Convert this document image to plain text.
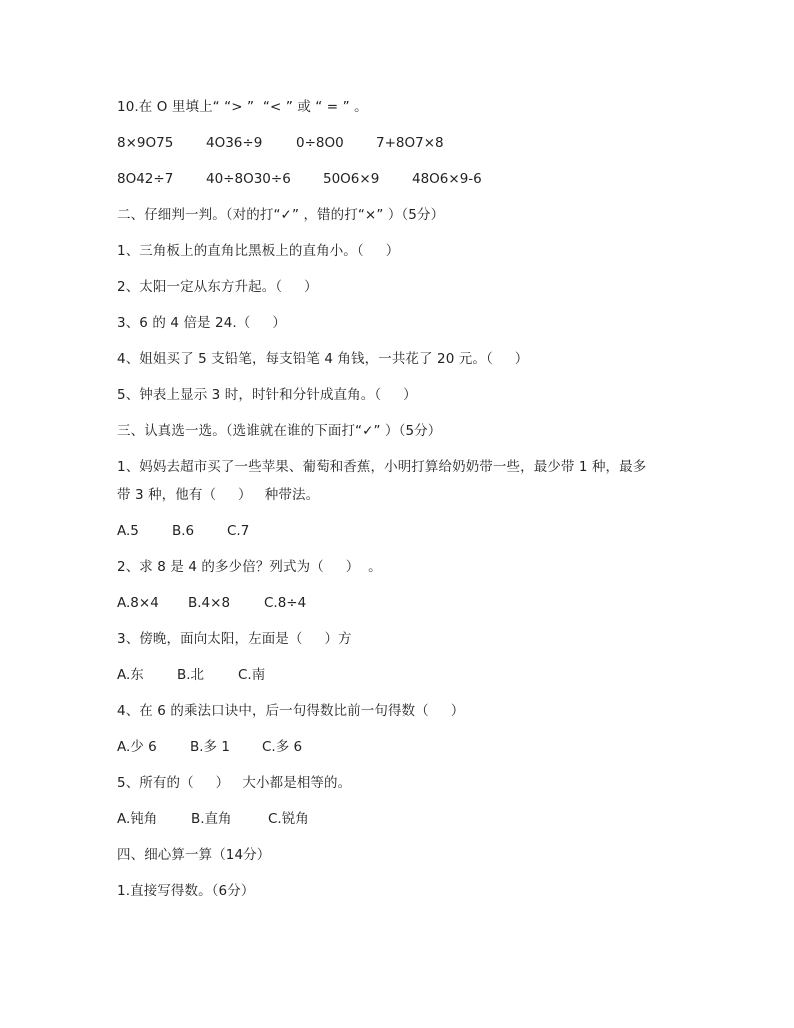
10.在 O 里填上“ “> ”  “< ” 或 “ = ” 。

8×9O75

4O36÷9

0÷8O0

7+8O7×8

8O42÷7

40÷8O30÷6

50O6×9

48O6×9-6

二、仔细判一判。（对的打“✓” ，错的打“×” ）（5分）
1、三角板上的直角比黑板上的直角小。（     ）
2、太阳一定从东方升起。（     ）
3、6 的 4 倍是 24.（     ）
4、姐姐买了 5 支铅笔，每支铅笔 4 角钱，一共花了 20 元。（     ）
5、钟表上显示 3 时，时针和分针成直角。（     ）
三、认真选一选。（选谁就在谁的下面打“✓” ）（5分）
1、妈妈去超市买了一些苹果、葡萄和香蕉，小明打算给奶奶带一些，最少带 1 种，最多
带 3 种，他有（     ）   种带法。

A.5

B.6

C.7

2、求 8 是 4 的多少倍？列式为（     ）  。

A.8×4

B.4×8

	C.8÷4

3、傍晚，面向太阳，左面是（     ）方

A.东

B.北

	C.南

4、在 6 的乘法口诀中，后一句得数比前一句得数（     ）

A.少 6

B.多 1

C.多 6

5、所有的（     ）   大小都是相等的。

A.钝角

B.直角

	C.锐角

四、细心算一算（14分）
1.直接写得数。（6分）
